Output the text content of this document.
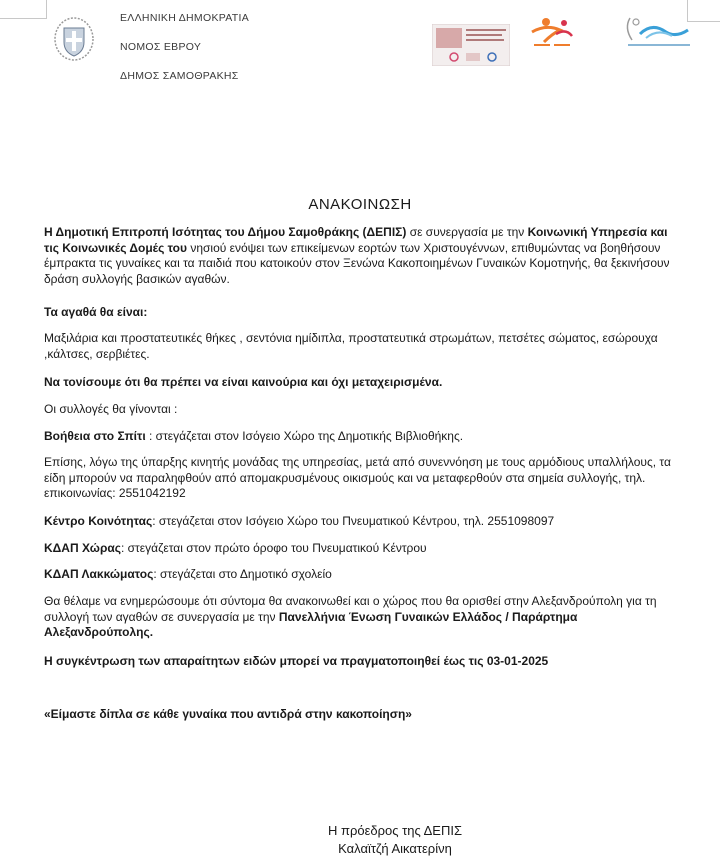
ΕΛΛΗΝΙΚΗ ΔΗΜΟΚΡΑΤΙΑ
ΝΟΜΟΣ ΕΒΡΟΥ
ΔΗΜΟΣ ΣΑΜΟΘΡΑΚΗΣ
ΑΝΑΚΟΙΝΩΣΗ

Η Δημοτική Επιτροπή Ισότητας του Δήμου Σαμοθράκης (ΔΕΠΙΣ) σε συνεργασία με την Κοινωνική Υπηρεσία και τις Κοινωνικές Δομές του νησιού ενόψει των επικείμενων εορτών των Χριστουγέννων, επιθυμώντας να βοηθήσουν έμπρακτα τις γυναίκες και τα παιδιά που κατοικούν στον Ξενώνα Κακοποιημένων Γυναικών Κομοτηνής, θα ξεκινήσουν δράση συλλογής βασικών αγαθών.

Τα αγαθά θα είναι:
Μαξιλάρια και προστατευτικές θήκες , σεντόνια ημίδιπλα, προστατευτικά στρωμάτων, πετσέτες σώματος, εσώρουχα ,κάλτσες, σερβιέτες.
Να τονίσουμε ότι θα πρέπει να είναι καινούρια και όχι μεταχειρισμένα.
Οι συλλογές θα γίνονται :
Βοήθεια στο Σπίτι : στεγάζεται στον Ισόγειο Χώρο της Δημοτικής Βιβλιοθήκης.
Επίσης, λόγω της ύπαρξης κινητής μονάδας της υπηρεσίας, μετά από συνεννόηση με τους αρμόδιους υπαλλήλους, τα είδη μπορούν να παραληφθούν από απομακρυσμένους οικισμούς και να μεταφερθούν στα σημεία συλλογής, τηλ. επικοινωνίας: 2551042192
Κέντρο Κοινότητας: στεγάζεται στον Ισόγειο Χώρο του Πνευματικού Κέντρου, τηλ. 2551098097
ΚΔΑΠ Χώρας: στεγάζεται στον πρώτο όροφο του Πνευματικού Κέντρου
ΚΔΑΠ Λακκώματος: στεγάζεται στο Δημοτικό σχολείο

Θα θέλαμε να ενημερώσουμε ότι σύντομα θα ανακοινωθεί και ο χώρος που θα ορισθεί στην Αλεξανδρούπολη για τη συλλογή των αγαθών σε συνεργασία με την Πανελλήνια Ένωση Γυναικών Ελλάδος / Παράρτημα Αλεξανδρούπολης.

Η συγκέντρωση των απαραίτητων ειδών μπορεί να πραγματοποιηθεί έως τις 03-01-2025
«Είμαστε δίπλα σε κάθε γυναίκα που αντιδρά στην κακοποίηση»
Η πρόεδρος της ΔΕΠΙΣ
Καλαϊτζή Αικατερίνη
